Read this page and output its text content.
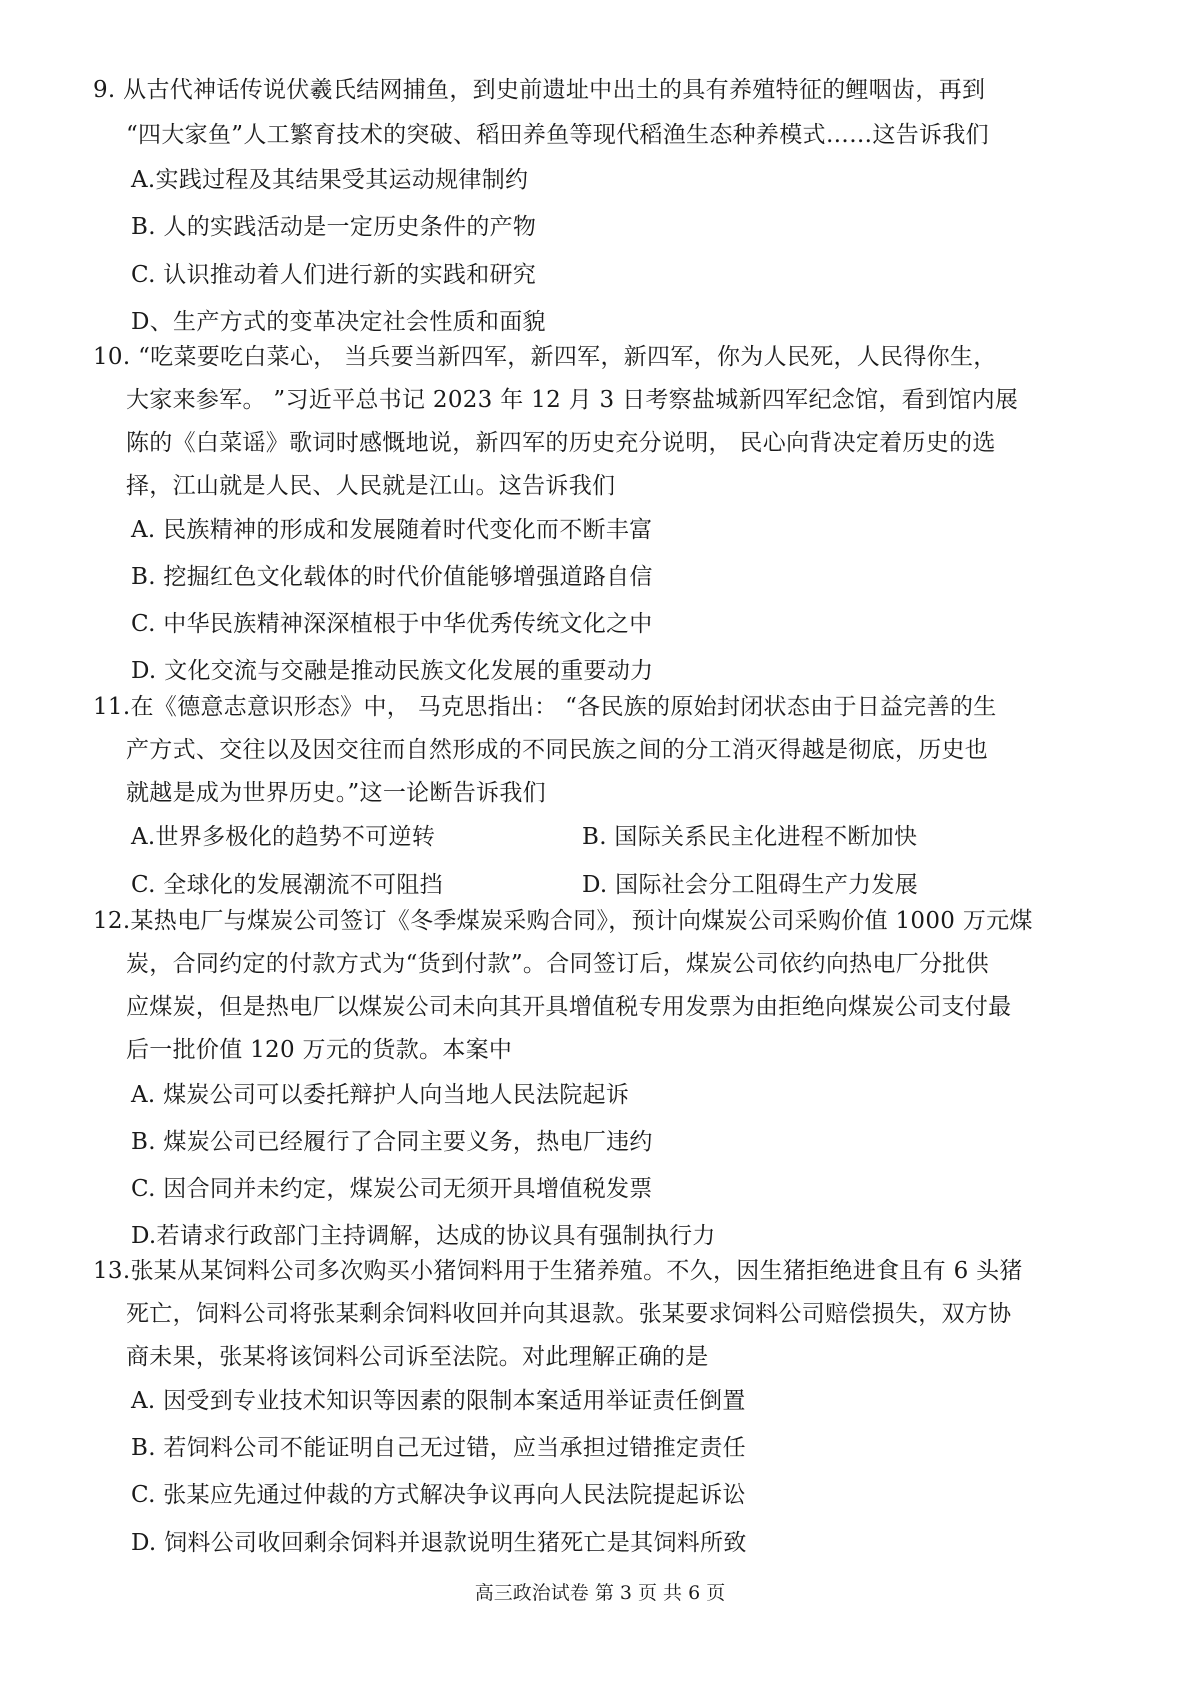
9. 从古代神话传说伏羲氏结网捕鱼，到史前遗址中出土的具有养殖特征的鲤咽齿，再到
“四大家鱼”人工繁育技术的突破、稻田养鱼等现代稻渔生态种养模式……这告诉我们
A.实践过程及其结果受其运动规律制约
B. 人的实践活动是一定历史条件的产物
C. 认识推动着人们进行新的实践和研究
D、生产方式的变革决定社会性质和面貌
10. “吃菜要吃白菜心， 当兵要当新四军，新四军，新四军，你为人民死，人民得你生，
大家来参军。 ”习近平总书记 2023 年 12 月 3 日考察盐城新四军纪念馆，看到馆内展
陈的《白菜谣》歌词时感慨地说，新四军的历史充分说明， 民心向背决定着历史的选
择，江山就是人民、人民就是江山。这告诉我们
A. 民族精神的形成和发展随着时代变化而不断丰富
B. 挖掘红色文化载体的时代价值能够增强道路自信
C. 中华民族精神深深植根于中华优秀传统文化之中
D. 文化交流与交融是推动民族文化发展的重要动力
11.在《德意志意识形态》中， 马克思指出： “各民族的原始封闭状态由于日益完善的生
产方式、交往以及因交往而自然形成的不同民族之间的分工消灭得越是彻底，历史也
就越是成为世界历史。”这一论断告诉我们
A.世界多极化的趋势不可逆转	B. 国际关系民主化进程不断加快
C. 全球化的发展潮流不可阻挡	D. 国际社会分工阻碍生产力发展
12.某热电厂与煤炭公司签订《冬季煤炭采购合同》，预计向煤炭公司采购价值 1000 万元煤
炭，合同约定的付款方式为“货到付款”。合同签订后，煤炭公司依约向热电厂分批供
应煤炭，但是热电厂以煤炭公司未向其开具增值税专用发票为由拒绝向煤炭公司支付最
后一批价值 120 万元的货款。本案中
A. 煤炭公司可以委托辩护人向当地人民法院起诉
B. 煤炭公司已经履行了合同主要义务，热电厂违约
C. 因合同并未约定，煤炭公司无须开具增值税发票
D.若请求行政部门主持调解，达成的协议具有强制执行力
13.张某从某饲料公司多次购买小猪饲料用于生猪养殖。不久，因生猪拒绝进食且有 6 头猪
死亡，饲料公司将张某剩余饲料收回并向其退款。张某要求饲料公司赔偿损失，双方协
商未果，张某将该饲料公司诉至法院。对此理解正确的是
A. 因受到专业技术知识等因素的限制本案适用举证责任倒置
B. 若饲料公司不能证明自己无过错，应当承担过错推定责任
C. 张某应先通过仲裁的方式解决争议再向人民法院提起诉讼
D. 饲料公司收回剩余饲料并退款说明生猪死亡是其饲料所致
高三政治试卷 第 3 页 共 6 页
